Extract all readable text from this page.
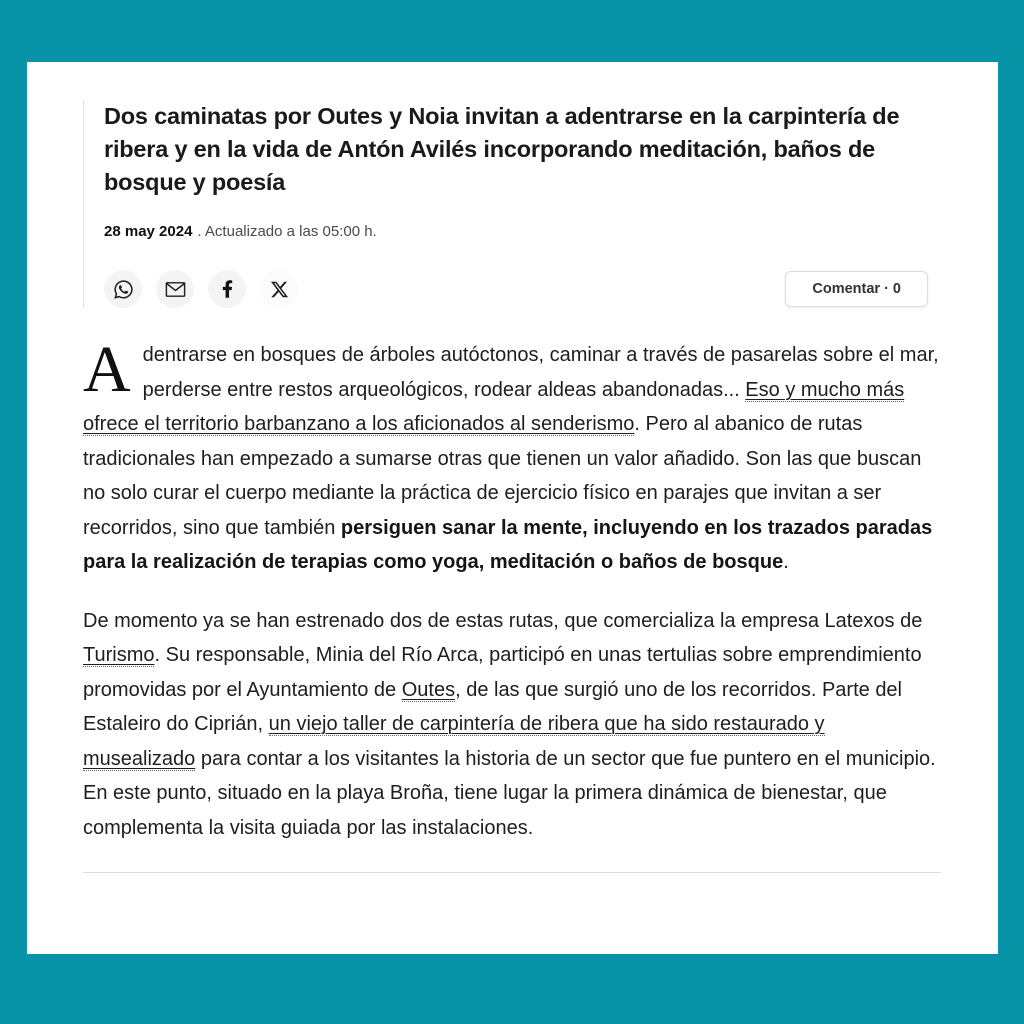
Dos caminatas por Outes y Noia invitan a adentrarse en la carpintería de ribera y en la vida de Antón Avilés incorporando meditación, baños de bosque y poesía
28 may 2024 . Actualizado a las 05:00 h.
Comentar · 0

Adentrarse en bosques de árboles autóctonos, caminar a través de pasarelas sobre el mar, perderse entre restos arqueológicos, rodear aldeas abandonadas... Eso y mucho más ofrece el territorio barbanzano a los aficionados al senderismo. Pero al abanico de rutas tradicionales han empezado a sumarse otras que tienen un valor añadido. Son las que buscan no solo curar el cuerpo mediante la práctica de ejercicio físico en parajes que invitan a ser recorridos, sino que también persiguen sanar la mente, incluyendo en los trazados paradas para la realización de terapias como yoga, meditación o baños de bosque.

De momento ya se han estrenado dos de estas rutas, que comercializa la empresa Latexos de Turismo. Su responsable, Minia del Río Arca, participó en unas tertulias sobre emprendimiento promovidas por el Ayuntamiento de Outes, de las que surgió uno de los recorridos. Parte del Estaleiro do Ciprián, un viejo taller de carpintería de ribera que ha sido restaurado y musealizado para contar a los visitantes la historia de un sector que fue puntero en el municipio. En este punto, situado en la playa Broña, tiene lugar la primera dinámica de bienestar, que complementa la visita guiada por las instalaciones.
